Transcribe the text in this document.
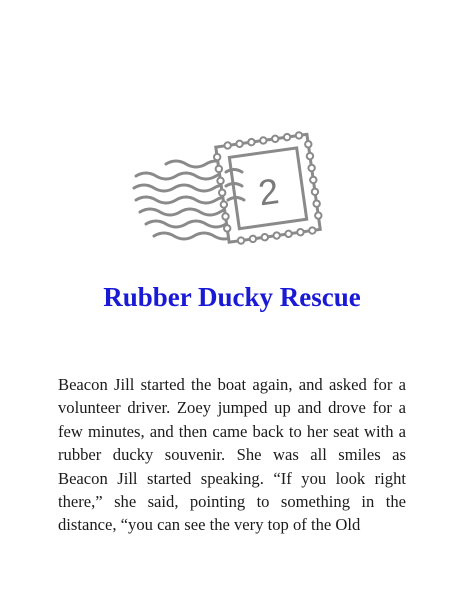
2
Rubber Ducky Rescue

Beacon Jill started the boat again, and asked for a volunteer driver. Zoey jumped up and drove for a few minutes, and then came back to her seat with a rubber ducky souvenir. She was all smiles as Beacon Jill started speaking. “If you look right there,” she said, pointing to something in the distance, “you can see the very top of the Old
